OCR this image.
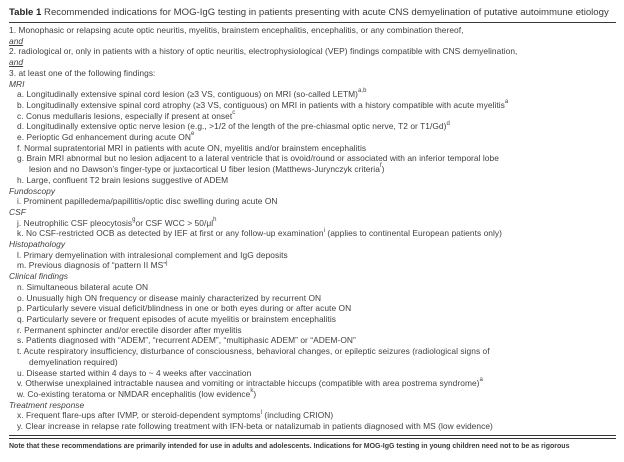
Table 1 Recommended indications for MOG-IgG testing in patients presenting with acute CNS demyelination of putative autoimmune etiology
1. Monophasic or relapsing acute optic neuritis, myelitis, brainstem encephalitis, encephalitis, or any combination thereof,
and
2. radiological or, only in patients with a history of optic neuritis, electrophysiological (VEP) findings compatible with CNS demyelination,
and
3. at least one of the following findings:
MRI
a. Longitudinally extensive spinal cord lesion (≥3 VS, contiguous) on MRI (so-called LETM)$^{a,b}$
b. Longitudinally extensive spinal cord atrophy (≥3 VS, contiguous) on MRI in patients with a history compatible with acute myelitis$^a$
c. Conus medullaris lesions, especially if present at onset$^c$
d. Longitudinally extensive optic nerve lesion (e.g., >1/2 of the length of the pre-chiasmal optic nerve, T2 or T1/Gd)$^d$
e. Perioptic Gd enhancement during acute $ON^e$
f. Normal supratentorial MRI in patients with acute ON, myelitis and/or brainstem encephalitis
g. Brain MRI abnormal but no lesion adjacent to a lateral ventricle that is ovoid/round or associated with an inferior temporal lobe
lesion and no Dawson’s finger-type or juxtacortical U fiber lesion (Matthews-Jurynczyk criteria$^f$)
h. Large, confluent T2 brain lesions suggestive of ADEM
Fundoscopy
i. Prominent papilledema/papillitis/optic disc swelling during acute ON
CSF
j. Neutrophilic CSF pleocytosis$^g$or CSF WCC > $50/\mu l^h$
k. No CSF-restricted OCB as detected by IEF at first or any follow-up examination$^i$ (applies to continental European patients only)
Histopathology
l. Primary demyelination with intralesional complement and IgG deposits
m. Previous diagnosis of “pattern II MS”$^j$
Clinical findings
n. Simultaneous bilateral acute ON
o. Unusually high ON frequency or disease mainly characterized by recurrent ON
p. Particularly severe visual deficit/blindness in one or both eyes during or after acute ON
q. Particularly severe or frequent episodes of acute myelitis or brainstem encephalitis
r. Permanent sphincter and/or erectile disorder after myelitis
s. Patients diagnosed with “ADEM”, “recurrent ADEM”, “multiphasic ADEM” or “ADEM-ON”
t. Acute respiratory insufficiency, disturbance of consciousness, behavioral changes, or epileptic seizures (radiological signs of
demyelination required)
u. Disease started within 4 days to ~ 4 weeks after vaccination
v. Otherwise unexplained intractable nausea and vomiting or intractable hiccups (compatible with area postrema syndrome)$^a$
w. Co-existing teratoma or NMDAR encephalitis (low evidence$^k$)
Treatment response
x. Frequent flare-ups after IVMP, or steroid-dependent symptoms$^l$ (including CRION)
y. Clear increase in relapse rate following treatment with IFN-beta or natalizumab in patients diagnosed with MS (low evidence)
Note that these recommendations are primarily intended for use in adults and adolescents. Indications for MOG-IgG testing in young children need not to be as rigorous
